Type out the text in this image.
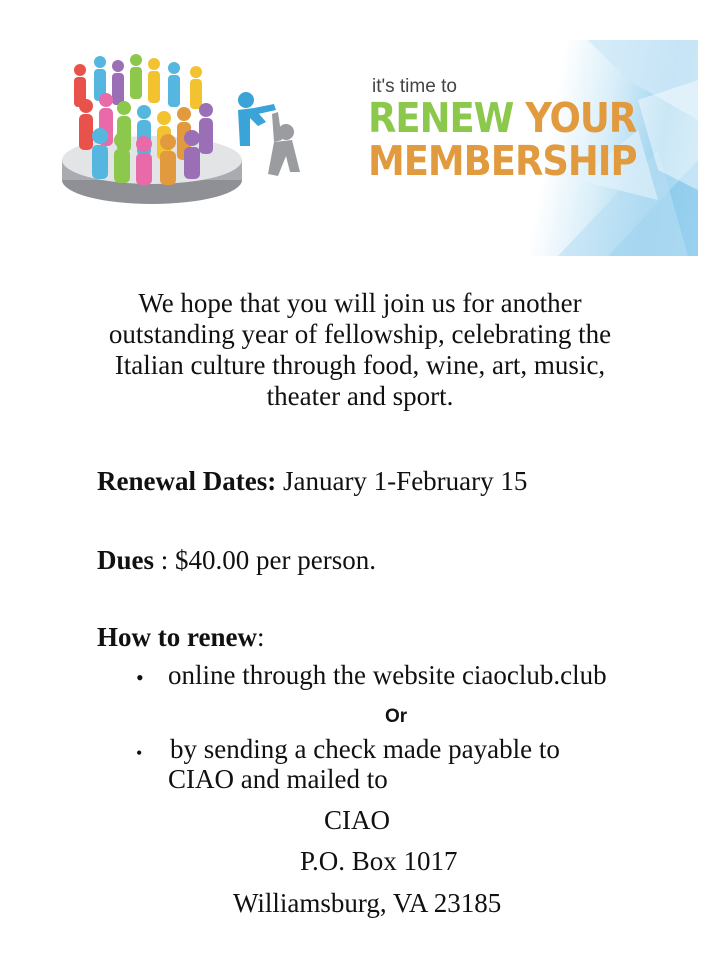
it's time to
RENEW YOUR
MEMBERSHIP
We hope that you will join us for another
outstanding year of fellowship, celebrating the
Italian culture through food, wine, art, music,
theater and sport.
Renewal Dates: January 1-February 15
Dues : $40.00 per person.
How to renew:
• online through the website ciaoclub.club
Or
• by sending a check made payable to
CIAO and mailed to
CIAO
P.O. Box 1017
Williamsburg, VA 23185
